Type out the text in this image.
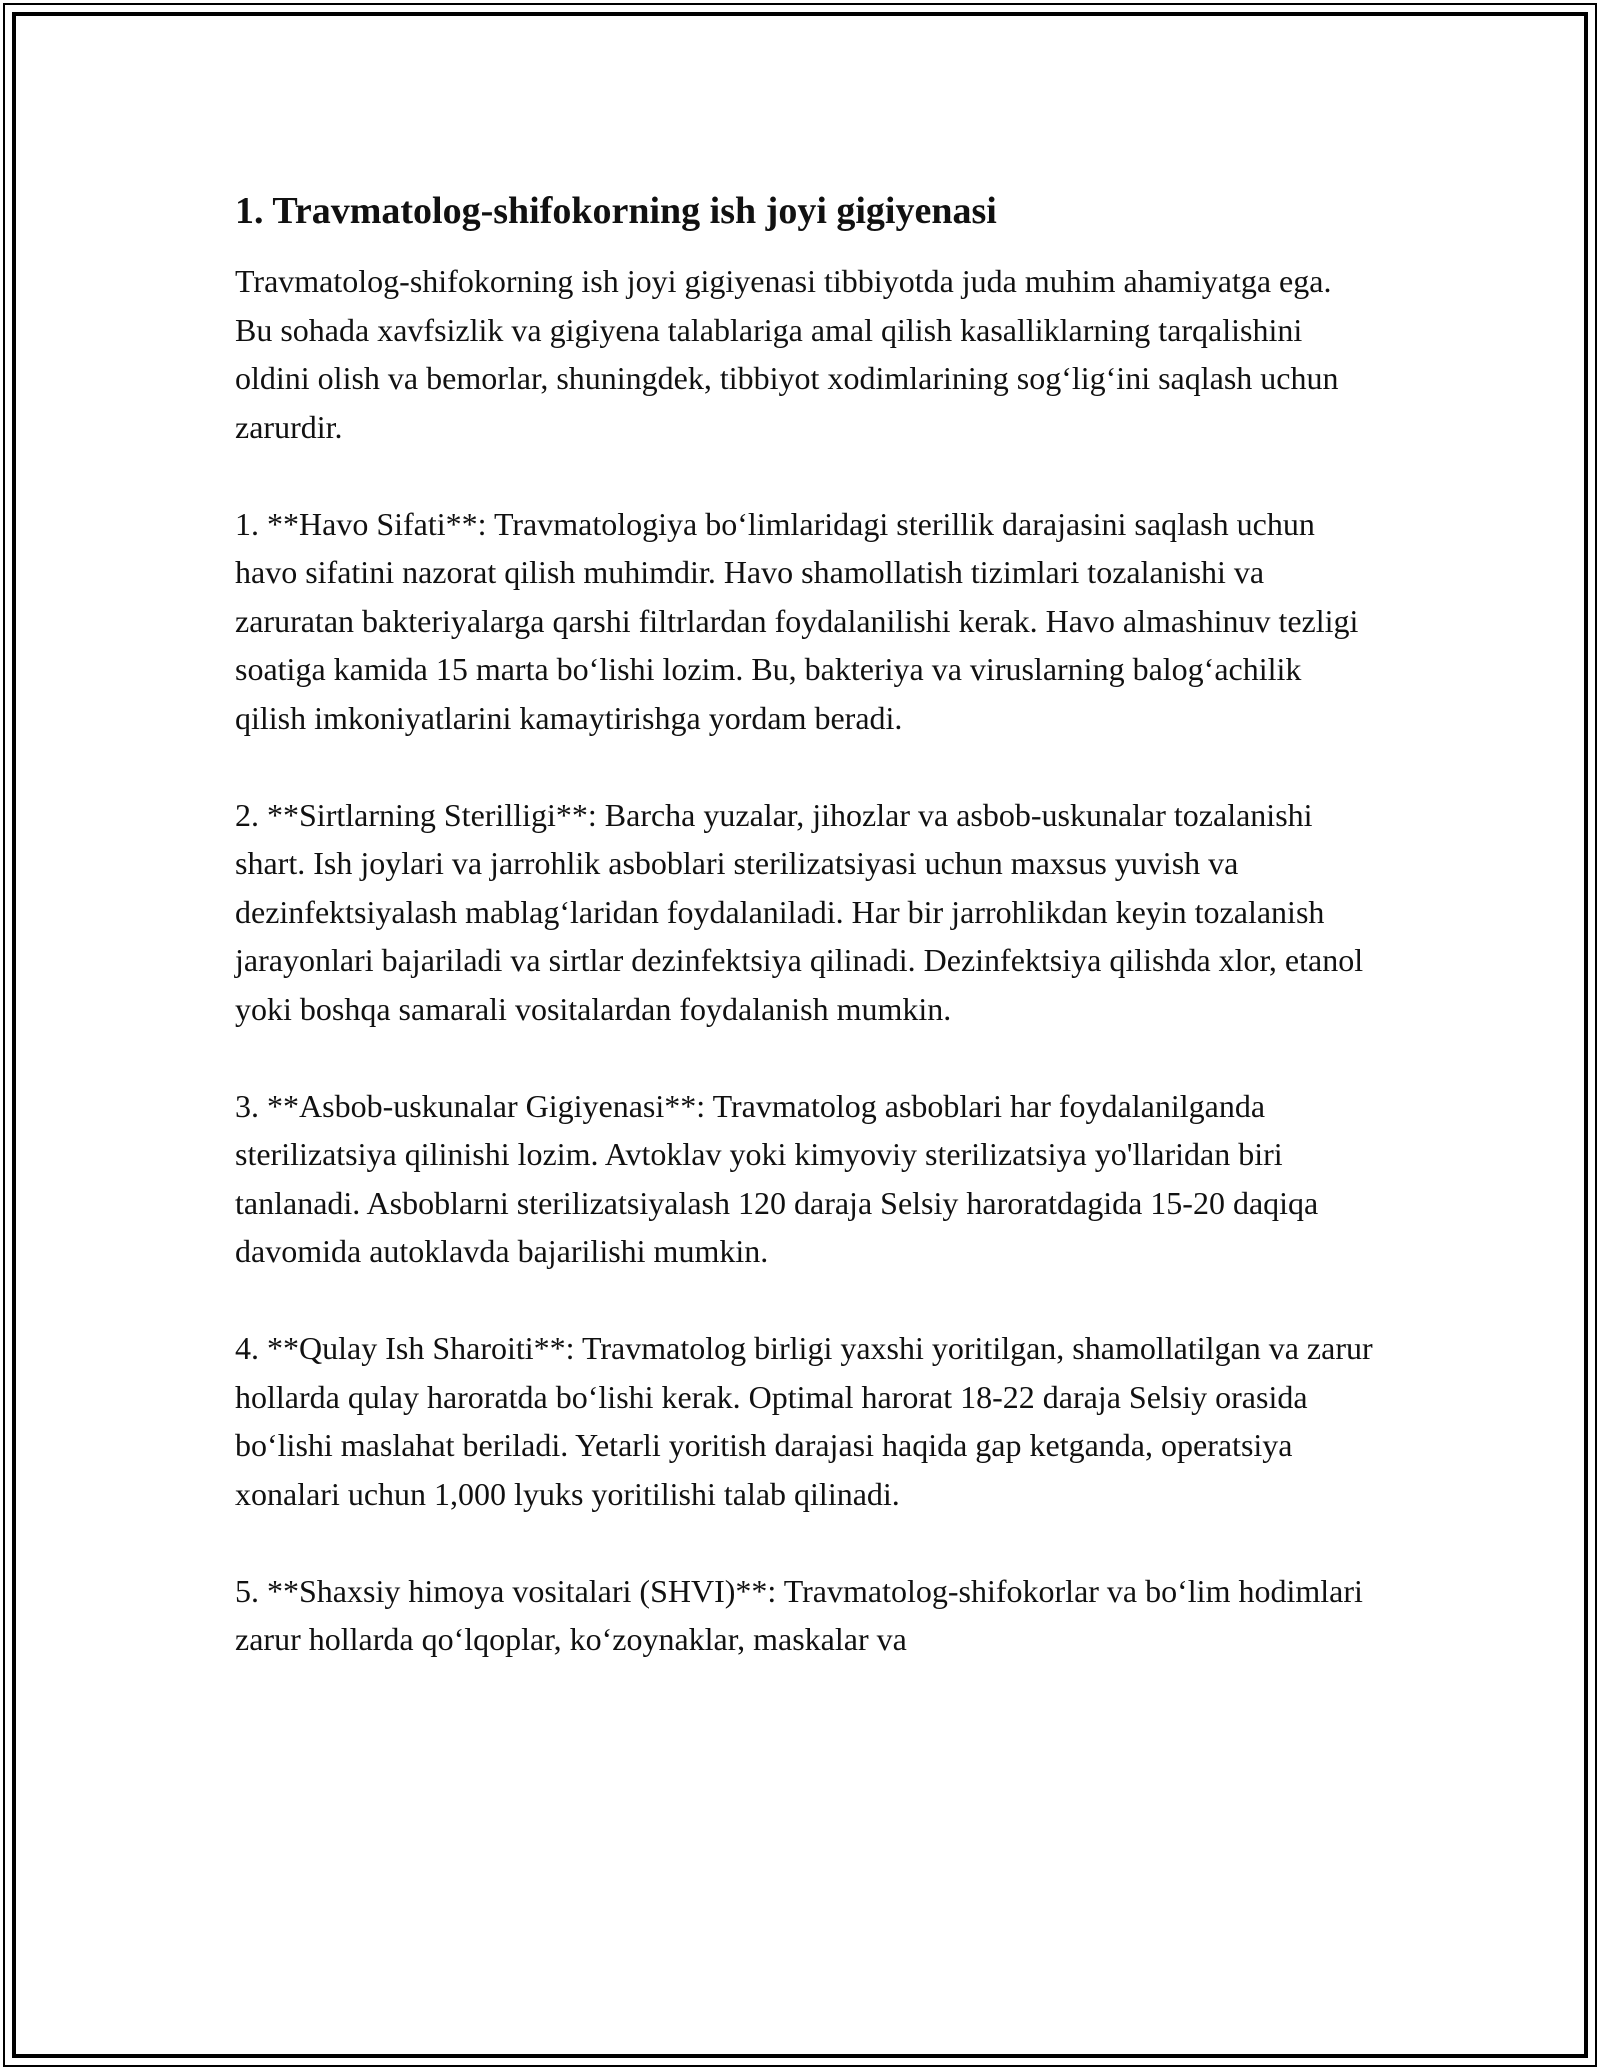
1. Travmatolog-shifokorning ish joyi gigiyenasi

Travmatolog-shifokorning ish joyi gigiyenasi tibbiyotda juda muhim ahamiyatga ega. Bu sohada xavfsizlik va gigiyena talablariga amal qilish kasalliklarning tarqalishini oldini olish va bemorlar, shuningdek, tibbiyot xodimlarining sog‘lig‘ini saqlash uchun zarurdir.

1. **Havo Sifati**: Travmatologiya bo‘limlaridagi sterillik darajasini saqlash uchun havo sifatini nazorat qilish muhimdir. Havo shamollatish tizimlari tozalanishi va zaruratan bakteriyalarga qarshi filtrlardan foydalanilishi kerak. Havo almashinuv tezligi soatiga kamida 15 marta bo‘lishi lozim. Bu, bakteriya va viruslarning balog‘achilik qilish imkoniyatlarini kamaytirishga yordam beradi.

2. **Sirtlarning Sterilligi**: Barcha yuzalar, jihozlar va asbob-uskunalar tozalanishi shart. Ish joylari va jarrohlik asboblari sterilizatsiyasi uchun maxsus yuvish va dezinfektsiyalash mablag‘laridan foydalaniladi. Har bir jarrohlikdan keyin tozalanish jarayonlari bajariladi va sirtlar dezinfektsiya qilinadi. Dezinfektsiya qilishda xlor, etanol yoki boshqa samarali vositalardan foydalanish mumkin.

3. **Asbob-uskunalar Gigiyenasi**: Travmatolog asboblari har foydalanilganda sterilizatsiya qilinishi lozim. Avtoklav yoki kimyoviy sterilizatsiya yo'llaridan biri tanlanadi. Asboblarni sterilizatsiyalash 120 daraja Selsiy haroratdagida 15-20 daqiqa davomida autoklavda bajarilishi mumkin.

4. **Qulay Ish Sharoiti**: Travmatolog birligi yaxshi yoritilgan, shamollatilgan va zarur hollarda qulay haroratda bo‘lishi kerak. Optimal harorat 18-22 daraja Selsiy orasida bo‘lishi maslahat beriladi. Yetarli yoritish darajasi haqida gap ketganda, operatsiya xonalari uchun 1,000 lyuks yoritilishi talab qilinadi.

5. **Shaxsiy himoya vositalari (SHVI)**: Travmatolog-shifokorlar va bo‘lim hodimlari zarur hollarda qo‘lqoplar, ko‘zoynaklar, maskalar va
